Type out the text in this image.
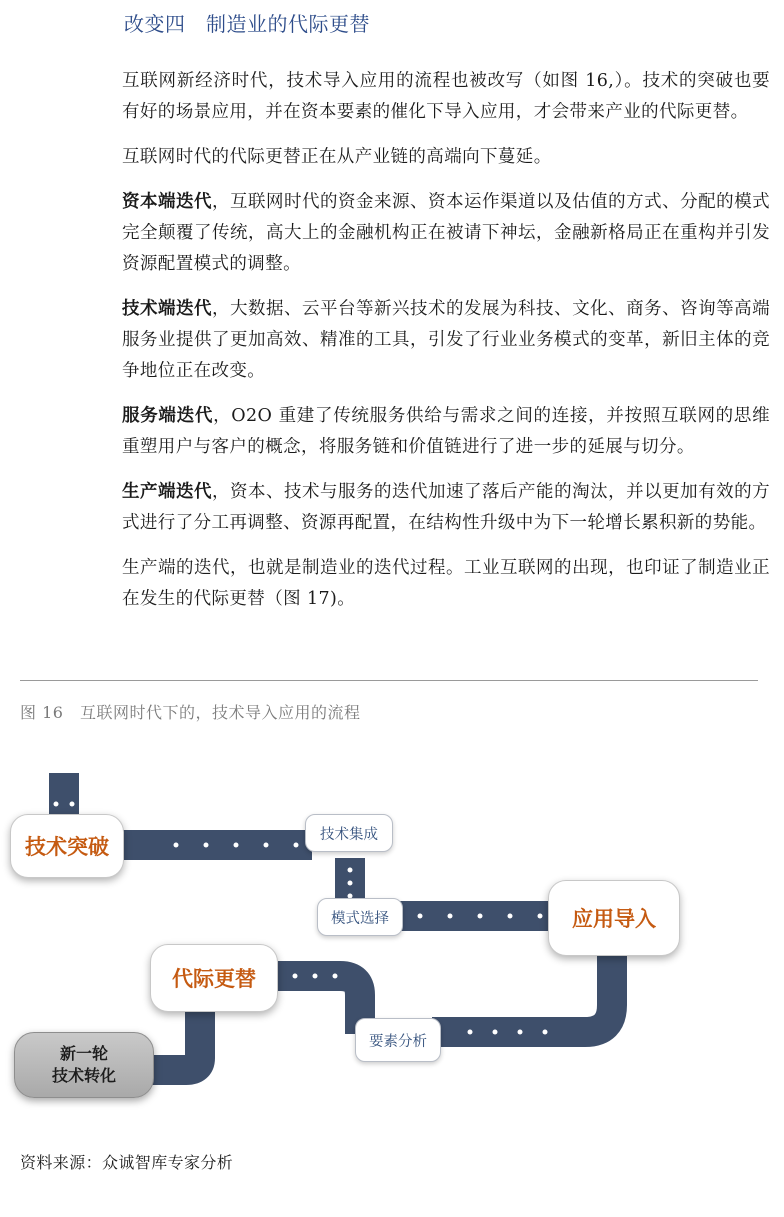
改变四　制造业的代际更替

互联网新经济时代，技术导入应用的流程也被改写（如图 16,）。技术的突破也要有好的场景应用，并在资本要素的催化下导入应用，才会带来产业的代际更替。

互联网时代的代际更替正在从产业链的高端向下蔓延。

资本端迭代，互联网时代的资金来源、资本运作渠道以及估值的方式、分配的模式完全颠覆了传统，高大上的金融机构正在被请下神坛，金融新格局正在重构并引发资源配置模式的调整。

技术端迭代，大数据、云平台等新兴技术的发展为科技、文化、商务、咨询等高端服务业提供了更加高效、精准的工具，引发了行业业务模式的变革，新旧主体的竞争地位正在改变。

服务端迭代，O2O 重建了传统服务供给与需求之间的连接，并按照互联网的思维重塑用户与客户的概念，将服务链和价值链进行了进一步的延展与切分。

生产端迭代，资本、技术与服务的迭代加速了落后产能的淘汰，并以更加有效的方式进行了分工再调整、资源再配置，在结构性升级中为下一轮增长累积新的势能。

生产端的迭代，也就是制造业的迭代过程。工业互联网的出现，也印证了制造业正在发生的代际更替（图 17)。

图 16　互联网时代下的，技术导入应用的流程
技术突破
技术集成
模式选择	应用导入
代际更替
要素分析
新一轮
技术转化
资料来源：众诚智库专家分析
